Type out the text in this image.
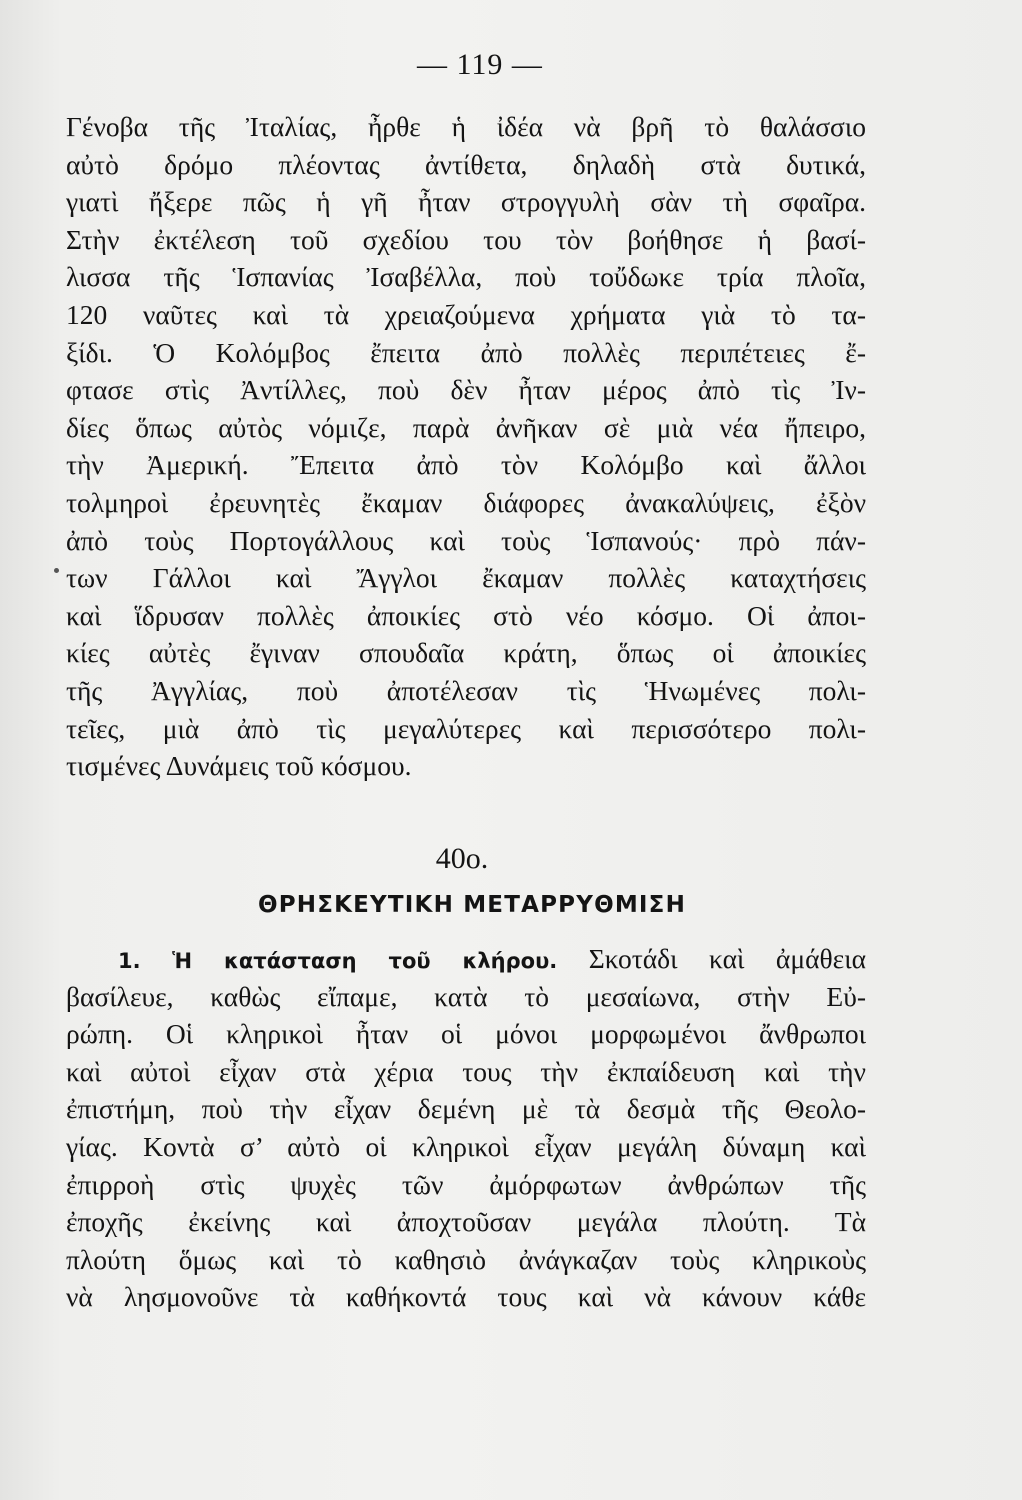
— 119 —
Γένοβα τῆς Ἰταλίας, ἦρθε ἡ ἰδέα νὰ βρῆ τὸ θαλάσσιο
αὐτὸ δρόμο πλέοντας ἀντίθετα, δηλαδὴ στὰ δυτικά,
γιατὶ ἤξερε πῶς ἡ γῆ ἦταν στρογγυλὴ σὰν τὴ σφαῖρα.
Στὴν ἐκτέλεση τοῦ σχεδίου του τὸν βοήθησε ἡ βασί-
λισσα τῆς Ἱσπανίας Ἰσαβέλλα, ποὺ τοὔδωκε τρία πλοῖα,
120 ναῦτες καὶ τὰ χρειαζούμενα χρήματα γιὰ τὸ τα-
ξίδι. Ὁ Κολόμβος ἔπειτα ἀπὸ πολλὲς περιπέτειες ἔ-
φτασε στὶς Ἀντίλλες, ποὺ δὲν ἦταν μέρος ἀπὸ τὶς Ἰν-
δίες ὅπως αὐτὸς νόμιζε, παρὰ ἀνῆκαν σὲ μιὰ νέα ἤπειρο,
τὴν Ἀμερική. Ἔπειτα ἀπὸ τὸν Κολόμβο καὶ ἄλλοι
τολμηροὶ ἐρευνητὲς ἔκαμαν διάφορες ἀνακαλύψεις, ἐξὸν
ἀπὸ τοὺς Πορτογάλλους καὶ τοὺς Ἱσπανούς· πρὸ πάν-
των Γάλλοι καὶ Ἄγγλοι ἔκαμαν πολλὲς καταχτήσεις
καὶ ἵδρυσαν πολλὲς ἀποικίες στὸ νέο κόσμο. Οἱ ἀποι-
κίες αὐτὲς ἔγιναν σπουδαῖα κράτη, ὅπως οἱ ἀποικίες
τῆς Ἀγγλίας, ποὺ ἀποτέλεσαν τὶς Ἡνωμένες πολι-
τεῖες, μιὰ ἀπὸ τὶς μεγαλύτερες καὶ περισσότερο πολι-
τισμένες Δυνάμεις τοῦ κόσμου.
40ο.
ΘΡΗΣΚΕΥΤΙΚΗ ΜΕΤΑΡΡΥΘΜΙΣΗ
1. Ἡ κατάσταση τοῦ κλήρου. Σκοτάδι καὶ ἀμάθεια
βασίλευε, καθὼς εἴπαμε, κατὰ τὸ μεσαίωνα, στὴν Εὐ-
ρώπη. Οἱ κληρικοὶ ἦταν οἱ μόνοι μορφωμένοι ἄνθρωποι
καὶ αὐτοὶ εἶχαν στὰ χέρια τους τὴν ἐκπαίδευση καὶ τὴν
ἐπιστήμη, ποὺ τὴν εἶχαν δεμένη μὲ τὰ δεσμὰ τῆς Θεολο-
γίας. Κοντὰ σ’ αὐτὸ οἱ κληρικοὶ εἶχαν μεγάλη δύναμη καὶ
ἐπιρροὴ στὶς ψυχὲς τῶν ἀμόρφωτων ἀνθρώπων τῆς
ἐποχῆς ἐκείνης καὶ ἀποχτοῦσαν μεγάλα πλούτη. Τὰ
πλούτη ὅμως καὶ τὸ καθησιὸ ἀνάγκαζαν τοὺς κληρικοὺς
νὰ λησμονοῦνε τὰ καθήκοντά τους καὶ νὰ κάνουν κάθε
